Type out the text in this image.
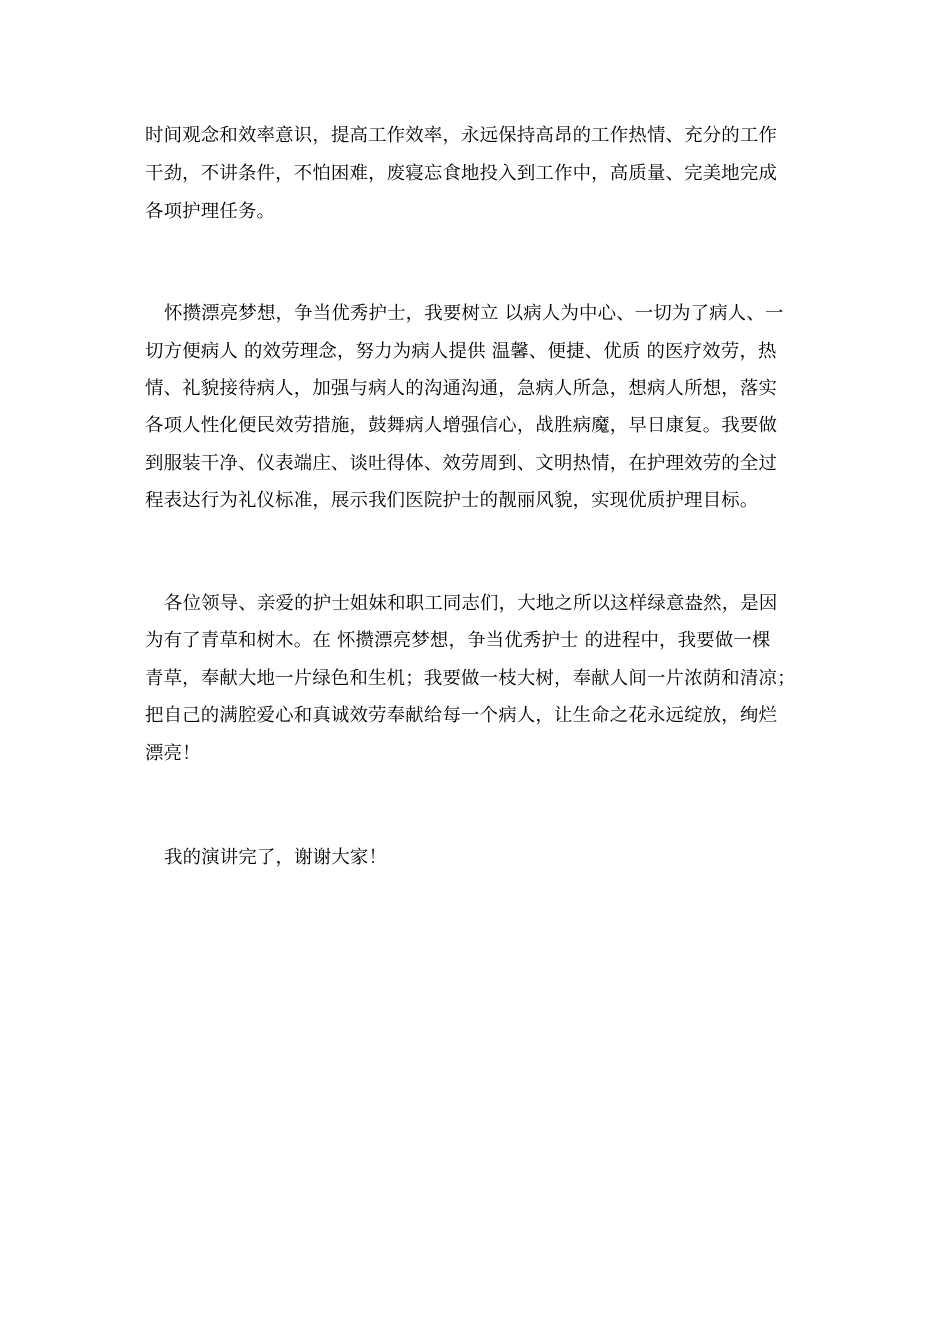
时间观念和效率意识，提高工作效率，永远保持高昂的工作热情、充分的工作
干劲，不讲条件，不怕困难，废寝忘食地投入到工作中，高质量、完美地完成
各项护理任务。
怀攒漂亮梦想，争当优秀护士，我要树立 以病人为中心、一切为了病人、一
切方便病人 的效劳理念，努力为病人提供 温馨、便捷、优质 的医疗效劳，热
情、礼貌接待病人，加强与病人的沟通沟通，急病人所急，想病人所想，落实
各项人性化便民效劳措施，鼓舞病人增强信心，战胜病魔，早日康复。我要做
到服装干净、仪表端庄、谈吐得体、效劳周到、文明热情，在护理效劳的全过
程表达行为礼仪标准，展示我们医院护士的靓丽风貌，实现优质护理目标。
各位领导、亲爱的护士姐妹和职工同志们，大地之所以这样绿意盎然，是因
为有了青草和树木。在 怀攒漂亮梦想，争当优秀护士 的进程中，我要做一棵
青草，奉献大地一片绿色和生机；我要做一枝大树，奉献人间一片浓荫和清凉；
把自己的满腔爱心和真诚效劳奉献给每一个病人，让生命之花永远绽放，绚烂
漂亮！
我的演讲完了，谢谢大家！
